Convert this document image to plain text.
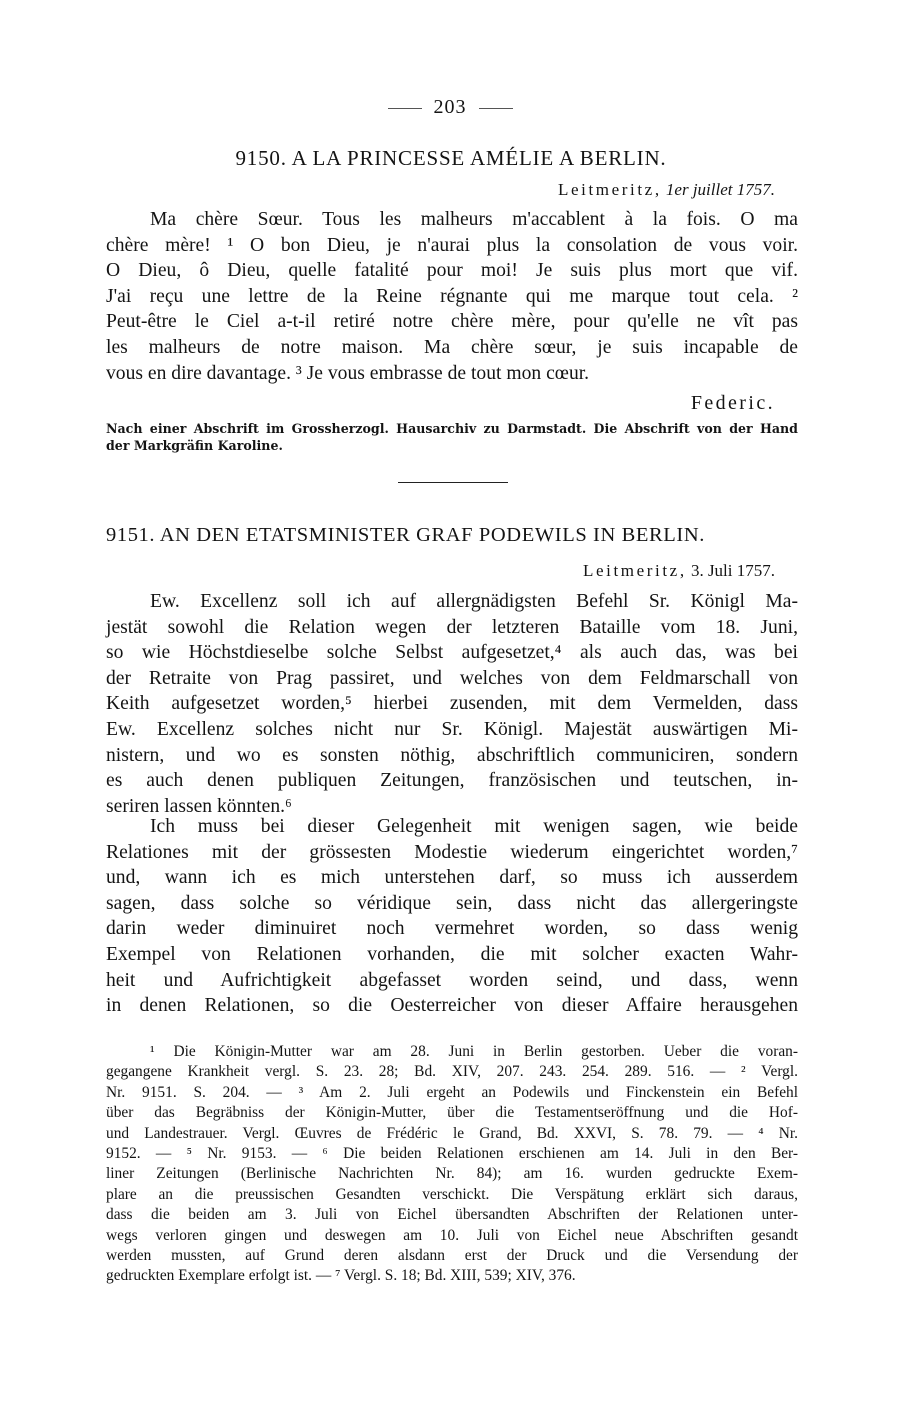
203
9150. A LA PRINCESSE AMÉLIE A BERLIN.
Leitmeritz, 1er juillet 1757.
Ma chère Sœur. Tous les malheurs m'accablent à la fois. O ma
chère mère! ¹ O bon Dieu, je n'aurai plus la consolation de vous voir.
O Dieu, ô Dieu, quelle fatalité pour moi! Je suis plus mort que vif.
J'ai reçu une lettre de la Reine régnante qui me marque tout cela. ²
Peut-être le Ciel a-t-il retiré notre chère mère, pour qu'elle ne vît pas
les malheurs de notre maison. Ma chère sœur, je suis incapable de
vous en dire davantage. ³ Je vous embrasse de tout mon cœur.
Federic.
Nach einer Abschrift im Grossherzogl. Hausarchiv zu Darmstadt. Die Abschrift von der Hand
der Markgräfin Karoline.
9151. AN DEN ETATSMINISTER GRAF PODEWILS IN BERLIN.
Leitmeritz, 3. Juli 1757.
Ew. Excellenz soll ich auf allergnädigsten Befehl Sr. Königl Ma-
jestät sowohl die Relation wegen der letzteren Bataille vom 18. Juni,
so wie Höchstdieselbe solche Selbst aufgesetzet,⁴ als auch das, was bei
der Retraite von Prag passiret, und welches von dem Feldmarschall von
Keith aufgesetzet worden,⁵ hierbei zusenden, mit dem Vermelden, dass
Ew. Excellenz solches nicht nur Sr. Königl. Majestät auswärtigen Mi-
nistern, und wo es sonsten nöthig, abschriftlich communiciren, sondern
es auch denen publiquen Zeitungen, französischen und teutschen, in-
seriren lassen könnten.⁶
Ich muss bei dieser Gelegenheit mit wenigen sagen, wie beide
Relationes mit der grössesten Modestie wiederum eingerichtet worden,⁷
und, wann ich es mich unterstehen darf, so muss ich ausserdem
sagen, dass solche so véridique sein, dass nicht das allergeringste
darin weder diminuiret noch vermehret worden, so dass wenig
Exempel von Relationen vorhanden, die mit solcher exacten Wahr-
heit und Aufrichtigkeit abgefasset worden seind, und dass, wenn
in denen Relationen, so die Oesterreicher von dieser Affaire herausgehen
¹ Die Königin-Mutter war am 28. Juni in Berlin gestorben. Ueber die voran-
gegangene Krankheit vergl. S. 23. 28; Bd. XIV, 207. 243. 254. 289. 516. — ² Vergl.
Nr. 9151. S. 204. — ³ Am 2. Juli ergeht an Podewils und Finckenstein ein Befehl
über das Begräbniss der Königin-Mutter, über die Testamentseröffnung und die Hof-
und Landestrauer. Vergl. Œuvres de Frédéric le Grand, Bd. XXVI, S. 78. 79. — ⁴ Nr.
9152. — ⁵ Nr. 9153. — ⁶ Die beiden Relationen erschienen am 14. Juli in den Ber-
liner Zeitungen (Berlinische Nachrichten Nr. 84); am 16. wurden gedruckte Exem-
plare an die preussischen Gesandten verschickt. Die Verspätung erklärt sich daraus,
dass die beiden am 3. Juli von Eichel übersandten Abschriften der Relationen unter-
wegs verloren gingen und deswegen am 10. Juli von Eichel neue Abschriften gesandt
werden mussten, auf Grund deren alsdann erst der Druck und die Versendung der
gedruckten Exemplare erfolgt ist. — ⁷ Vergl. S. 18; Bd. XIII, 539; XIV, 376.
